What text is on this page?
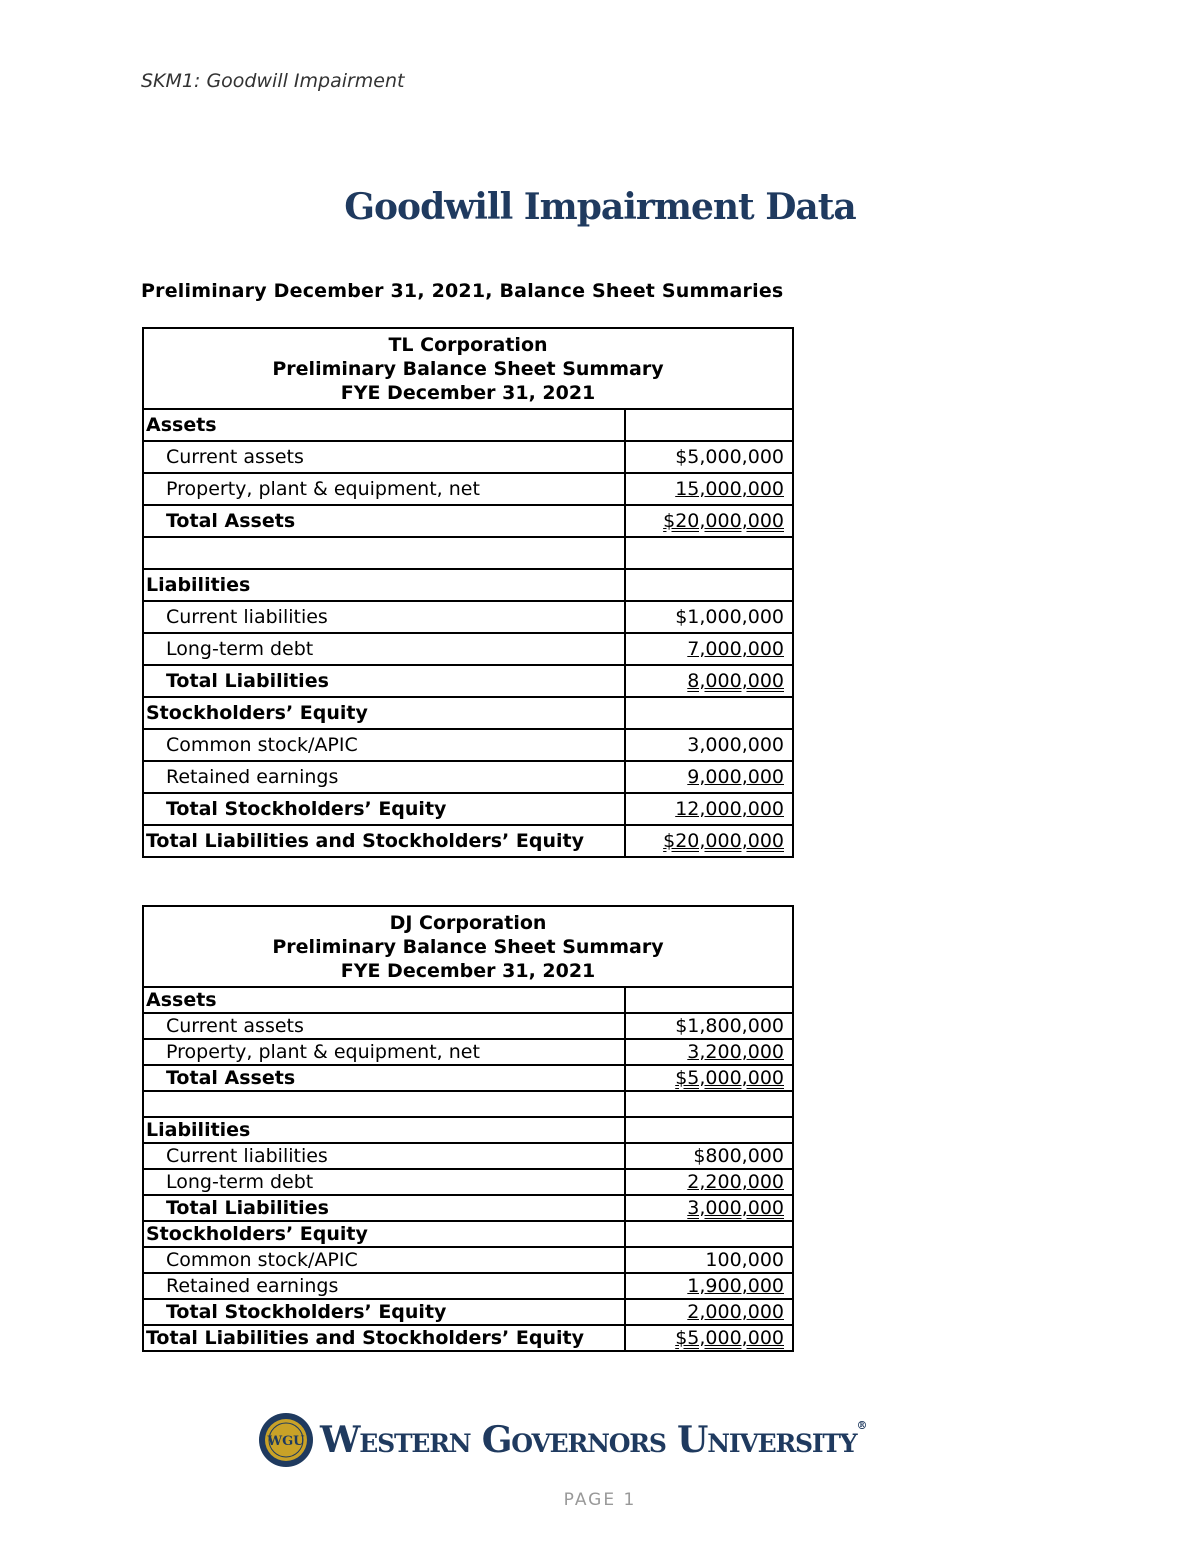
SKM1: Goodwill Impairment
Goodwill Impairment Data
Preliminary December 31, 2021, Balance Sheet Summaries
TL Corporation
Preliminary Balance Sheet Summary
FYE December 31, 2021	

Assets	
Current assets	$5,000,000
Property, plant & equipment, net	15,000,000
Total Assets	$20,000,000

Liabilities	
Current liabilities	$1,000,000
Long-term debt	7,000,000
Total Liabilities	8,000,000
Stockholders’ Equity	
Common stock/APIC	3,000,000
Retained earnings	9,000,000
Total Stockholders’ Equity	12,000,000
Total Liabilities and Stockholders’ Equity	$20,000,000
DJ Corporation
Preliminary Balance Sheet Summary
FYE December 31, 2021	

Assets	
Current assets	$1,800,000
Property, plant & equipment, net	3,200,000
Total Assets	$5,000,000

Liabilities	
Current liabilities	$800,000
Long-term debt	2,200,000
Total Liabilities	3,000,000
Stockholders’ Equity	
Common stock/APIC	100,000
Retained earnings	1,900,000
Total Stockholders’ Equity	2,000,000
Total Liabilities and Stockholders’ Equity	$5,000,000
WGU Western Governors University®
PAGE 1
